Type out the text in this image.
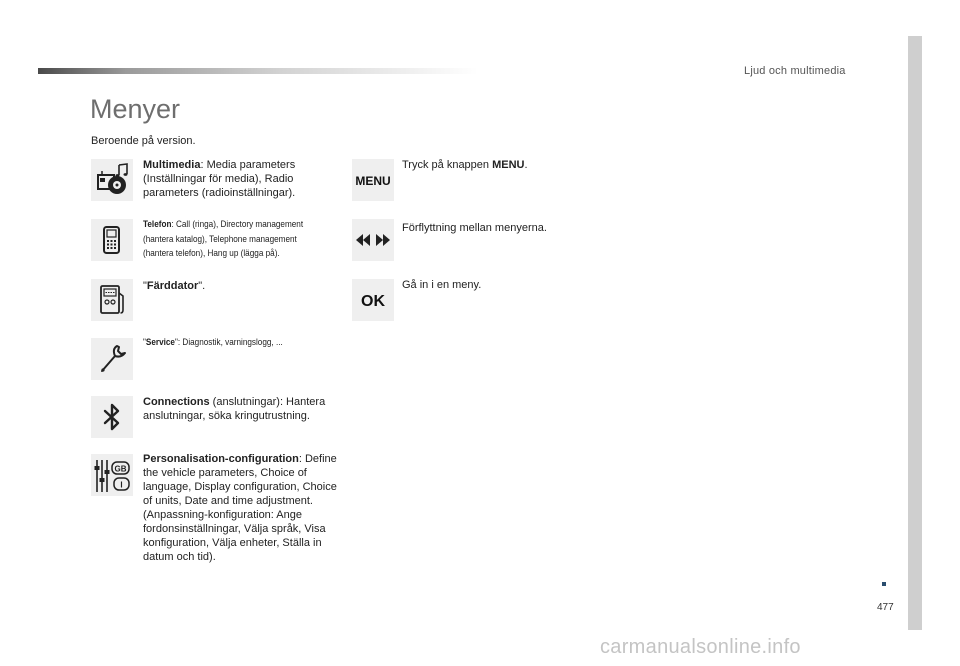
Ljud och multimedia
Menyer
Beroende på version.
Multimedia: Media parameters (Inställningar för media), Radio parameters (radioinställningar).
Telefon: Call (ringa), Directory management (hantera katalog), Telephone management (hantera telefon), Hang up (lägga på).
"Färddator".
"Service": Diagnostik, varningslogg, ...
Connections (anslutningar): Hantera anslutningar, söka kringutrustning.
GB
I
Personalisation-configuration: Define the vehicle parameters, Choice of language, Display configuration, Choice of units, Date and time adjustment. (Anpassning-konfiguration: Ange fordonsinställningar, Välja språk, Visa konfiguration, Välja enheter, Ställa in datum och tid).
MENU
Tryck på knappen MENU.
Förflyttning mellan menyerna.
OK
Gå in i en meny.
477
carmanualsonline.info
